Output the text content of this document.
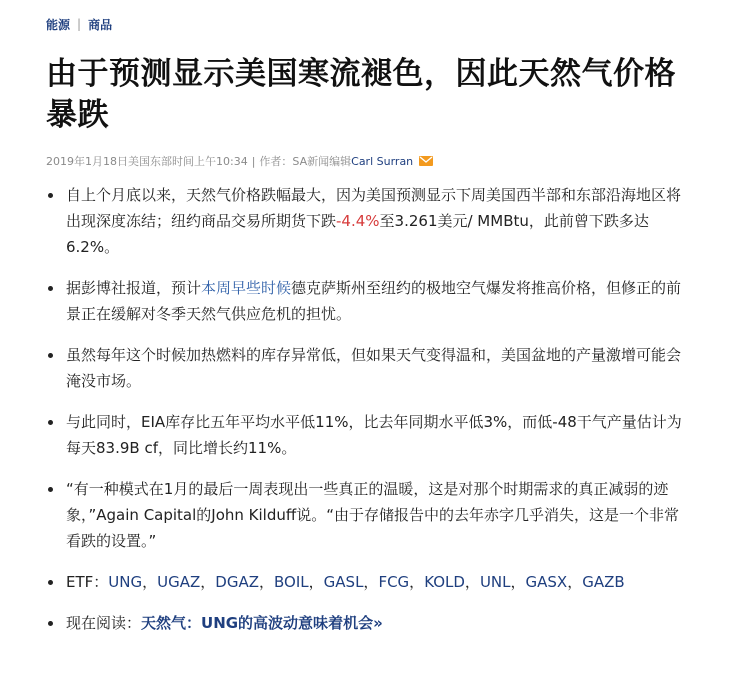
能源 | 商品
由于预测显示美国寒流褪色，因此天然气价格暴跌
2019年1月18日美国东部时间上午10:34 | 作者： SA新闻编辑 Carl Surran
自上个月底以来，天然气价格跌幅最大，因为美国预测显示下周美国西半部和东部沿海地区将出现深度冻结；纽约商品交易所期货下跌-4.4%至3.261美元/ MMBtu，此前曾下跌多达6.2%。
据彭博社报道，预计本周早些时候德克萨斯州至纽约的极地空气爆发将推高价格，但修正的前景正在缓解对冬季天然气供应危机的担忧。
虽然每年这个时候加热燃料的库存异常低，但如果天气变得温和，美国盆地的产量激增可能会淹没市场。
与此同时，EIA库存比五年平均水平低11%，比去年同期水平低3%，而低-48干气产量估计为每天83.9B cf，同比增长约11%。
“有一种模式在1月的最后一周表现出一些真正的温暖，这是对那个时期需求的真正减弱的迹象，”Again Capital的John Kilduff说。“由于存储报告中的去年赤字几乎消失，这是一个非常看跌的设置。”
ETF：UNG，UGAZ，DGAZ，BOIL，GASL，FCG，KOLD，UNL，GASX，GAZB
现在阅读：天然气：UNG的高波动意味着机会»
